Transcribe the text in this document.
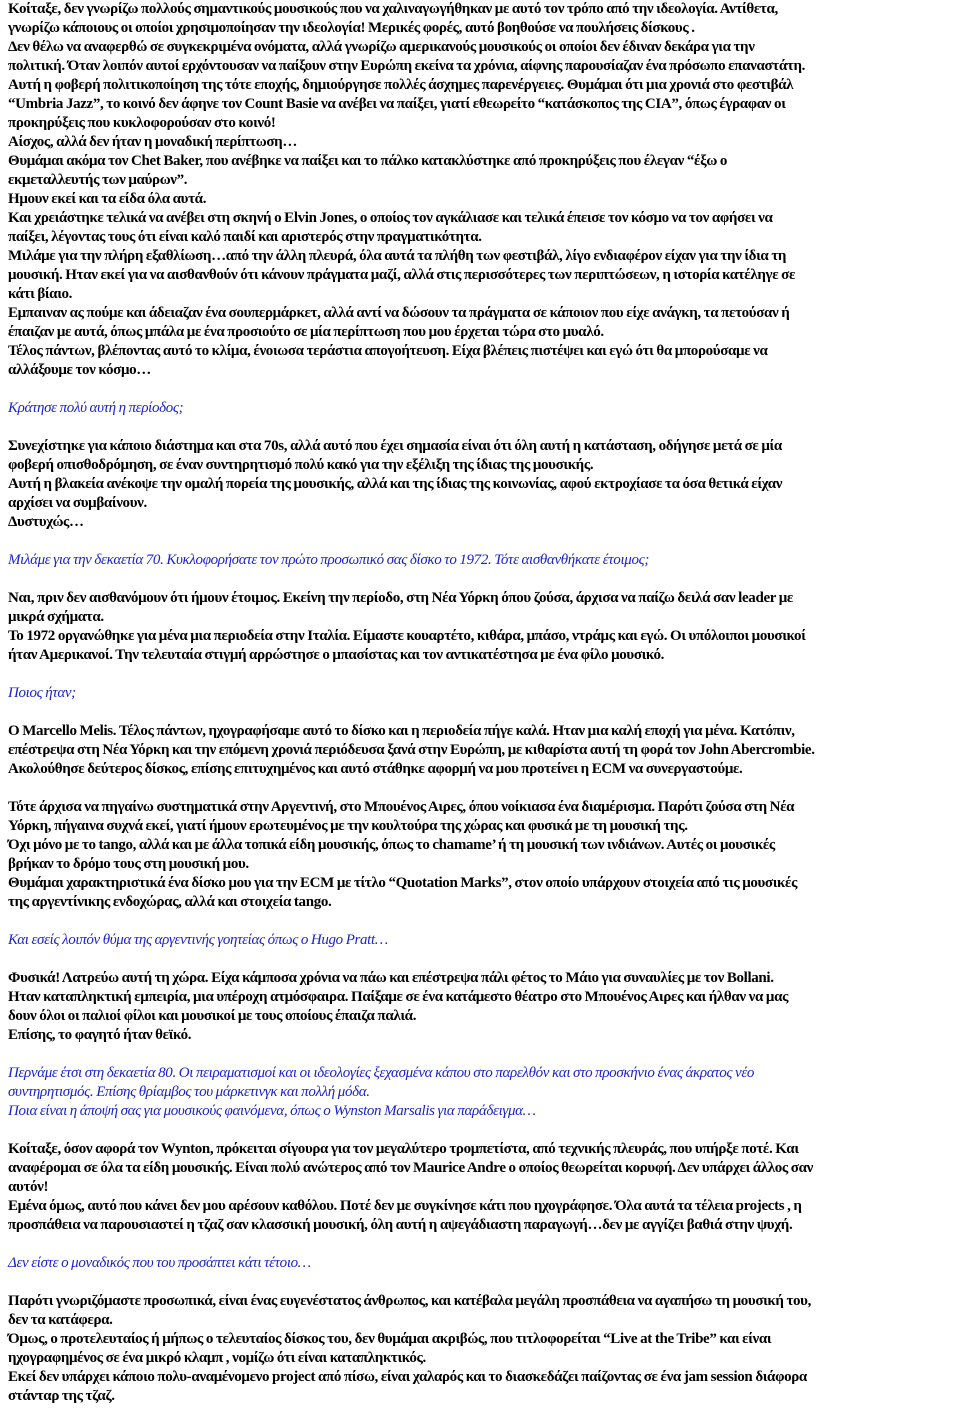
Κοίταξε, δεν γνωρίζω πολλούς σημαντικούς μουσικούς που να χαλιναγωγήθηκαν με αυτό τον τρόπο από την ιδεολογία. Αντίθετα,
γνωρίζω κάποιους οι οποίοι χρησιμοποίησαν την ιδεολογία! Μερικές φορές, αυτό βοηθούσε να πουλήσεις δίσκους .
Δεν θέλω να αναφερθώ σε συγκεκριμένα ονόματα, αλλά γνωρίζω αμερικανούς μουσικούς οι οποίοι δεν έδιναν δεκάρα για την
πολιτική. Όταν λοιπόν αυτοί ερχόντουσαν να παίξουν στην Ευρώπη εκείνα τα χρόνια, αίφνης παρουσίαζαν ένα πρόσωπο επαναστάτη.
Αυτή η φοβερή πολιτικοποίηση της τότε εποχής, δημιούργησε πολλές άσχημες παρενέργειες. Θυμάμαι ότι μια χρονιά στο φεστιβάλ
“Umbria Jazz”, το κοινό δεν άφηνε τον Count Basie να ανέβει να παίξει, γιατί εθεωρείτο “κατάσκοπος της CIA”, όπως έγραφαν οι
προκηρύξεις που κυκλοφορούσαν στο κοινό!
Αίσχος, αλλά δεν ήταν η μοναδική περίπτωση…
Θυμάμαι ακόμα τον Chet Baker, που ανέβηκε να παίξει και το πάλκο κατακλύστηκε από προκηρύξεις που έλεγαν “έξω ο
εκμεταλλευτής των μαύρων”.
Ημουν εκεί και τα είδα όλα αυτά.
Και χρειάστηκε τελικά να ανέβει στη σκηνή ο Elvin Jones, ο οποίος τον αγκάλιασε και τελικά έπεισε τον κόσμο να τον αφήσει να
παίξει, λέγοντας τους ότι είναι καλό παιδί και αριστερός στην πραγματικότητα.
Μιλάμε για την πλήρη εξαθλίωση…από την άλλη πλευρά, όλα αυτά τα πλήθη των φεστιβάλ, λίγο ενδιαφέρον είχαν για την ίδια τη
μουσική. Ηταν εκεί για να αισθανθούν ότι κάνουν πράγματα μαζί, αλλά στις περισσότερες των περιπτώσεων, η ιστορία κατέληγε σε
κάτι βίαιο.
Εμπαιναν ας πούμε και άδειαζαν ένα σουπερμάρκετ, αλλά αντί να δώσουν τα πράγματα σε κάποιον που είχε ανάγκη, τα πετούσαν ή
έπαιζαν με αυτά, όπως μπάλα με ένα προσιούτο σε μία περίπτωση που μου έρχεται τώρα στο μυαλό.
Τέλος πάντων, βλέποντας αυτό το κλίμα, ένοιωσα τεράστια απογοήτευση. Είχα βλέπεις πιστέψει και εγώ ότι θα μπορούσαμε να
αλλάξουμε τον κόσμο…
Κράτησε πολύ αυτή η περίοδος;
Συνεχίστηκε για κάποιο διάστημα και στα 70s, αλλά αυτό που έχει σημασία είναι ότι όλη αυτή η κατάσταση, οδήγησε μετά σε μία
φοβερή οπισθοδρόμηση, σε έναν συντηρητισμό πολύ κακό για την εξέλιξη της ίδιας της μουσικής.
Αυτή η βλακεία ανέκοψε την ομαλή πορεία της μουσικής, αλλά και της ίδιας της κοινωνίας, αφού εκτροχίασε τα όσα θετικά είχαν
αρχίσει να συμβαίνουν.
Δυστυχώς…
Μιλάμε για την δεκαετία 70. Κυκλοφορήσατε τον πρώτο προσωπικό σας δίσκο το 1972. Τότε αισθανθήκατε έτοιμος;
Ναι, πριν δεν αισθανόμουν ότι ήμουν έτοιμος. Εκείνη την περίοδο, στη Νέα Υόρκη όπου ζούσα, άρχισα να παίζω δειλά σαν leader με
μικρά σχήματα.
Το 1972 οργανώθηκε για μένα μια περιοδεία στην Ιταλία. Είμαστε κουαρτέτο, κιθάρα, μπάσο, ντράμς και εγώ. Οι υπόλοιποι μουσικοί
ήταν Αμερικανοί. Την τελευταία στιγμή αρρώστησε ο μπασίστας και τον αντικατέστησα με ένα φίλο μουσικό.
Ποιος ήταν;
Ο Marcello Melis. Τέλος πάντων, ηχογραφήσαμε αυτό το δίσκο και η περιοδεία πήγε καλά. Ηταν μια καλή εποχή για μένα. Κατόπιν,
επέστρεψα στη Νέα Υόρκη και την επόμενη χρονιά περιόδευσα ξανά στην Ευρώπη, με κιθαρίστα αυτή τη φορά τον John Abercrombie.
Ακολούθησε δεύτερος δίσκος, επίσης επιτυχημένος και αυτό στάθηκε αφορμή να μου προτείνει η ECM να συνεργαστούμε.
Τότε άρχισα να πηγαίνω συστηματικά στην Αργεντινή, στο Μπουένος Αιρες, όπου νοίκιασα ένα διαμέρισμα. Παρότι ζούσα στη Νέα
Υόρκη, πήγαινα συχνά εκεί, γιατί ήμουν ερωτευμένος με την κουλτούρα της χώρας και φυσικά με τη μουσική της.
Όχι μόνο με το tango, αλλά και με άλλα τοπικά είδη μουσικής, όπως το chamame’ ή τη μουσική των ινδιάνων. Αυτές οι μουσικές
βρήκαν το δρόμο τους στη μουσική μου.
Θυμάμαι χαρακτηριστικά ένα δίσκο μου για την ECM με τίτλο “Quotation Marks”, στον οποίο υπάρχουν στοιχεία από τις μουσικές
της αργεντίνικης ενδοχώρας, αλλά και στοιχεία tango.
Και εσείς λοιπόν θύμα της αργεντινής γοητείας όπως ο Hugo Pratt…
Φυσικά! Λατρεύω αυτή τη χώρα. Είχα κάμποσα χρόνια να πάω και επέστρεψα πάλι φέτος το Μάιο για συναυλίες με τον Bollani.
Ηταν καταπληκτική εμπειρία, μια υπέροχη ατμόσφαιρα. Παίξαμε σε ένα κατάμεστο θέατρο στο Μπουένος Αιρες και ήλθαν να μας
δουν όλοι οι παλιοί φίλοι και μουσικοί με τους οποίους έπαιζα παλιά.
Επίσης, το φαγητό ήταν θεϊκό.
Περνάμε έτσι στη δεκαετία 80. Οι πειραματισμοί και οι ιδεολογίες ξεχασμένα κάπου στο παρελθόν και στο προσκήνιο ένας άκρατος νέο
συντηρητισμός. Επίσης θρίαμβος του μάρκετινγκ και πολλή μόδα.
Ποια είναι η άποψή σας για μουσικούς φαινόμενα, όπως ο Wynston Marsalis για παράδειγμα…
Κοίταξε, όσον αφορά τον Wynton, πρόκειται σίγουρα για τον μεγαλύτερο τρομπετίστα, από τεχνικής πλευράς, που υπήρξε ποτέ. Και
αναφέρομαι σε όλα τα είδη μουσικής. Είναι πολύ ανώτερος από τον Maurice Andre ο οποίος θεωρείται κορυφή. Δεν υπάρχει άλλος σαν
αυτόν!
Εμένα όμως, αυτό που κάνει δεν μου αρέσουν καθόλου. Ποτέ δεν με συγκίνησε κάτι που ηχογράφησε. Όλα αυτά τα τέλεια projects , η
προσπάθεια να παρουσιαστεί η τζαζ σαν κλασσική μουσική, όλη αυτή η αψεγάδιαστη παραγωγή…δεν με αγγίζει βαθιά στην ψυχή.
Δεν είστε ο μοναδικός που του προσάπτει κάτι τέτοιο…
Παρότι γνωριζόμαστε προσωπικά, είναι ένας ευγενέστατος άνθρωπος, και κατέβαλα μεγάλη προσπάθεια να αγαπήσω τη μουσική του,
δεν τα κατάφερα.
Όμως, ο προτελευταίος ή μήπως ο τελευταίος δίσκος του, δεν θυμάμαι ακριβώς, που τιτλοφορείται “Live at the Tribe” και είναι
ηχογραφημένος σε ένα μικρό κλαμπ , νομίζω ότι είναι καταπληκτικός.
Εκεί δεν υπάρχει κάποιο πολυ-αναμένομενο project από πίσω, είναι χαλαρός και το διασκεδάζει παίζοντας σε ένα jam session διάφορα
στάνταρ της τζαζ.
